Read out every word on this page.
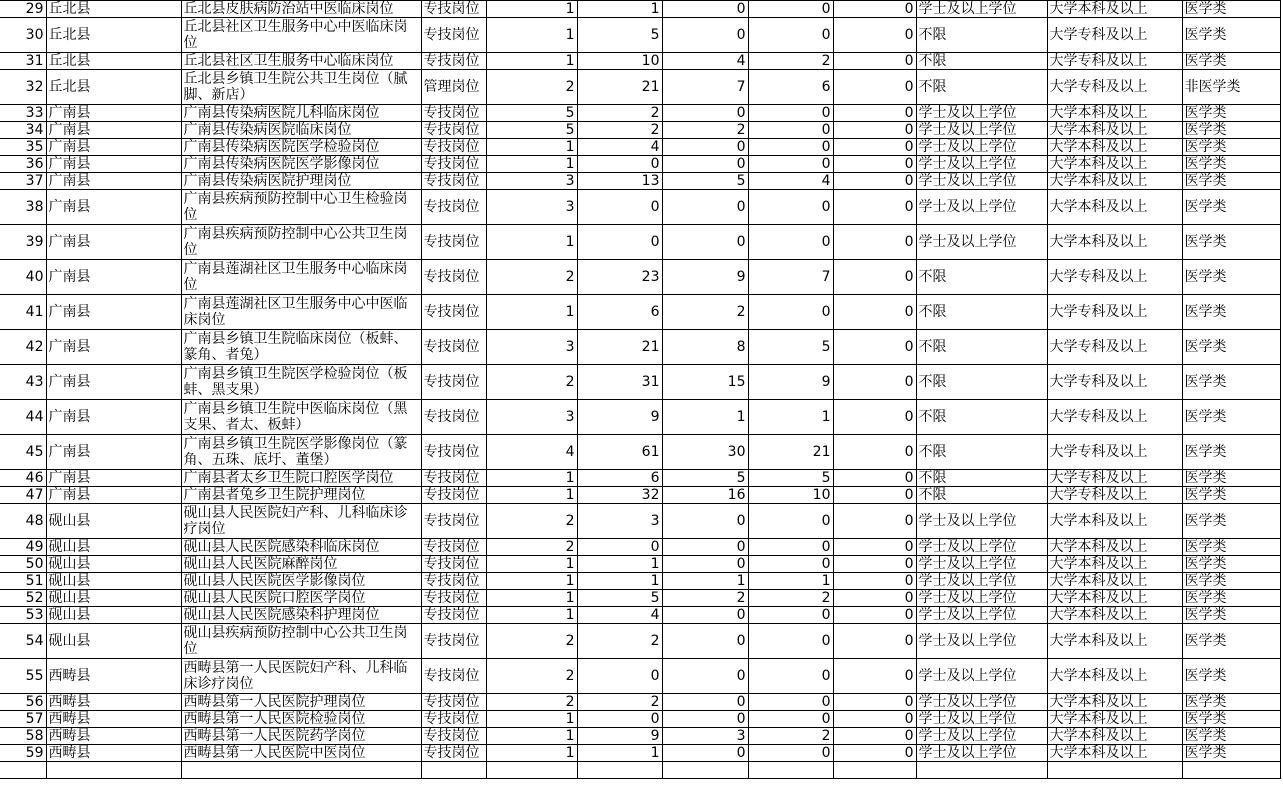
29	丘北县	丘北县皮肤病防治站中医临床岗位	专技岗位	1	1	0	0	0	学士及以上学位	大学本科及以上	医学类
30	丘北县	丘北县社区卫生服务中心中医临床岗位	专技岗位	1	5	0	0	0	不限	大学专科及以上	医学类
31	丘北县	丘北县社区卫生服务中心临床岗位	专技岗位	1	10	4	2	0	不限	大学专科及以上	医学类
32	丘北县	丘北县乡镇卫生院公共卫生岗位（腻脚、新店）	管理岗位	2	21	7	6	0	不限	大学专科及以上	非医学类
33	广南县	广南县传染病医院儿科临床岗位	专技岗位	5	2	0	0	0	学士及以上学位	大学本科及以上	医学类
34	广南县	广南县传染病医院临床岗位	专技岗位	5	2	2	0	0	学士及以上学位	大学本科及以上	医学类
35	广南县	广南县传染病医院医学检验岗位	专技岗位	1	4	0	0	0	学士及以上学位	大学本科及以上	医学类
36	广南县	广南县传染病医院医学影像岗位	专技岗位	1	0	0	0	0	学士及以上学位	大学本科及以上	医学类
37	广南县	广南县传染病医院护理岗位	专技岗位	3	13	5	4	0	学士及以上学位	大学本科及以上	医学类
38	广南县	广南县疾病预防控制中心卫生检验岗位	专技岗位	3	0	0	0	0	学士及以上学位	大学本科及以上	医学类
39	广南县	广南县疾病预防控制中心公共卫生岗位	专技岗位	1	0	0	0	0	学士及以上学位	大学本科及以上	医学类
40	广南县	广南县莲湖社区卫生服务中心临床岗位	专技岗位	2	23	9	7	0	不限	大学专科及以上	医学类
41	广南县	广南县莲湖社区卫生服务中心中医临床岗位	专技岗位	1	6	2	0	0	不限	大学专科及以上	医学类
42	广南县	广南县乡镇卫生院临床岗位（板蚌、篆角、者兔）	专技岗位	3	21	8	5	0	不限	大学专科及以上	医学类
43	广南县	广南县乡镇卫生院医学检验岗位（板蚌、黑支果）	专技岗位	2	31	15	9	0	不限	大学专科及以上	医学类
44	广南县	广南县乡镇卫生院中医临床岗位（黑支果、者太、板蚌）	专技岗位	3	9	1	1	0	不限	大学专科及以上	医学类
45	广南县	广南县乡镇卫生院医学影像岗位（篆角、五珠、底圩、董堡）	专技岗位	4	61	30	21	0	不限	大学专科及以上	医学类
46	广南县	广南县者太乡卫生院口腔医学岗位	专技岗位	1	6	5	5	0	不限	大学专科及以上	医学类
47	广南县	广南县者兔乡卫生院护理岗位	专技岗位	1	32	16	10	0	不限	大学专科及以上	医学类
48	砚山县	砚山县人民医院妇产科、儿科临床诊疗岗位	专技岗位	2	3	0	0	0	学士及以上学位	大学本科及以上	医学类
49	砚山县	砚山县人民医院感染科临床岗位	专技岗位	2	0	0	0	0	学士及以上学位	大学本科及以上	医学类
50	砚山县	砚山县人民医院麻醉岗位	专技岗位	1	1	0	0	0	学士及以上学位	大学本科及以上	医学类
51	砚山县	砚山县人民医院医学影像岗位	专技岗位	1	1	1	1	0	学士及以上学位	大学本科及以上	医学类
52	砚山县	砚山县人民医院口腔医学岗位	专技岗位	1	5	2	2	0	学士及以上学位	大学本科及以上	医学类
53	砚山县	砚山县人民医院感染科护理岗位	专技岗位	1	4	0	0	0	学士及以上学位	大学本科及以上	医学类
54	砚山县	砚山县疾病预防控制中心公共卫生岗位	专技岗位	2	2	0	0	0	学士及以上学位	大学本科及以上	医学类
55	西畴县	西畴县第一人民医院妇产科、儿科临床诊疗岗位	专技岗位	2	0	0	0	0	学士及以上学位	大学本科及以上	医学类
56	西畴县	西畴县第一人民医院护理岗位	专技岗位	2	2	0	0	0	学士及以上学位	大学本科及以上	医学类
57	西畴县	西畴县第一人民医院检验岗位	专技岗位	1	0	0	0	0	学士及以上学位	大学本科及以上	医学类
58	西畴县	西畴县第一人民医院药学岗位	专技岗位	1	9	3	2	0	学士及以上学位	大学本科及以上	医学类
59	西畴县	西畴县第一人民医院中医岗位	专技岗位	1	1	0	0	0	学士及以上学位	大学本科及以上	医学类
